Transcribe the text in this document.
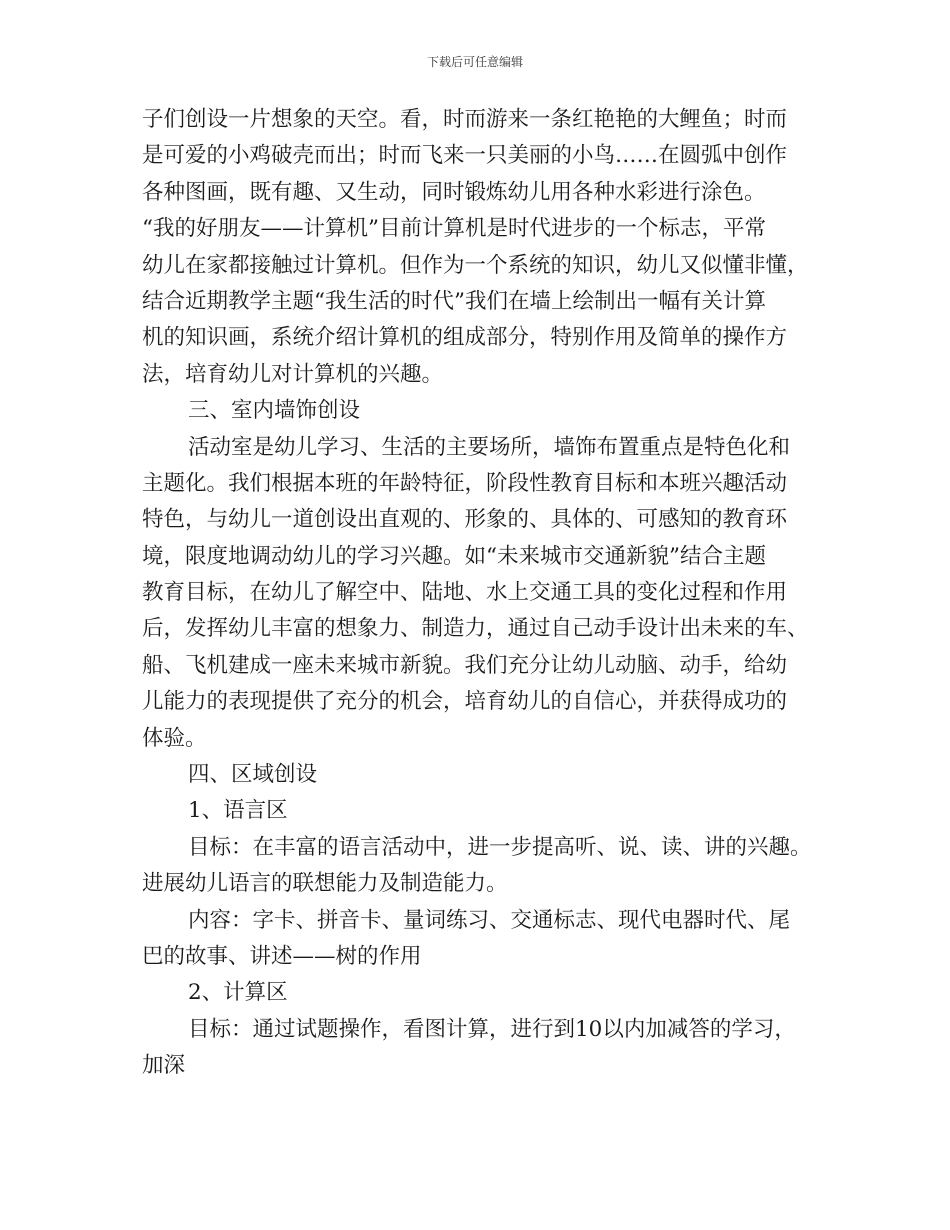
下载后可任意编辑
子们创设一片想象的天空。看，时而游来一条红艳艳的大鲤鱼；时而
是可爱的小鸡破壳而出；时而飞来一只美丽的小鸟……在圆弧中创作
各种图画，既有趣、又生动，同时锻炼幼儿用各种水彩进行涂色。
“我的好朋友——计算机”目前计算机是时代进步的一个标志，平常
幼儿在家都接触过计算机。但作为一个系统的知识，幼儿又似懂非懂，
结合近期教学主题“我生活的时代”我们在墙上绘制出一幅有关计算
机的知识画，系统介绍计算机的组成部分，特别作用及简单的操作方
法，培育幼儿对计算机的兴趣。
三、室内墙饰创设
活动室是幼儿学习、生活的主要场所，墙饰布置重点是特色化和
主题化。我们根据本班的年龄特征，阶段性教育目标和本班兴趣活动
特色，与幼儿一道创设出直观的、形象的、具体的、可感知的教育环
境，限度地调动幼儿的学习兴趣。如“未来城市交通新貌”结合主题
教育目标，在幼儿了解空中、陆地、水上交通工具的变化过程和作用
后，发挥幼儿丰富的想象力、制造力，通过自己动手设计出未来的车、
船、飞机建成一座未来城市新貌。我们充分让幼儿动脑、动手，给幼
儿能力的表现提供了充分的机会，培育幼儿的自信心，并获得成功的
体验。
四、区域创设
1、语言区
目标：在丰富的语言活动中，进一步提高听、说、读、讲的兴趣。
进展幼儿语言的联想能力及制造能力。
内容：字卡、拼音卡、量词练习、交通标志、现代电器时代、尾
巴的故事、讲述——树的作用
2、计算区
目标：通过试题操作，看图计算，进行到10以内加减答的学习，
加深
